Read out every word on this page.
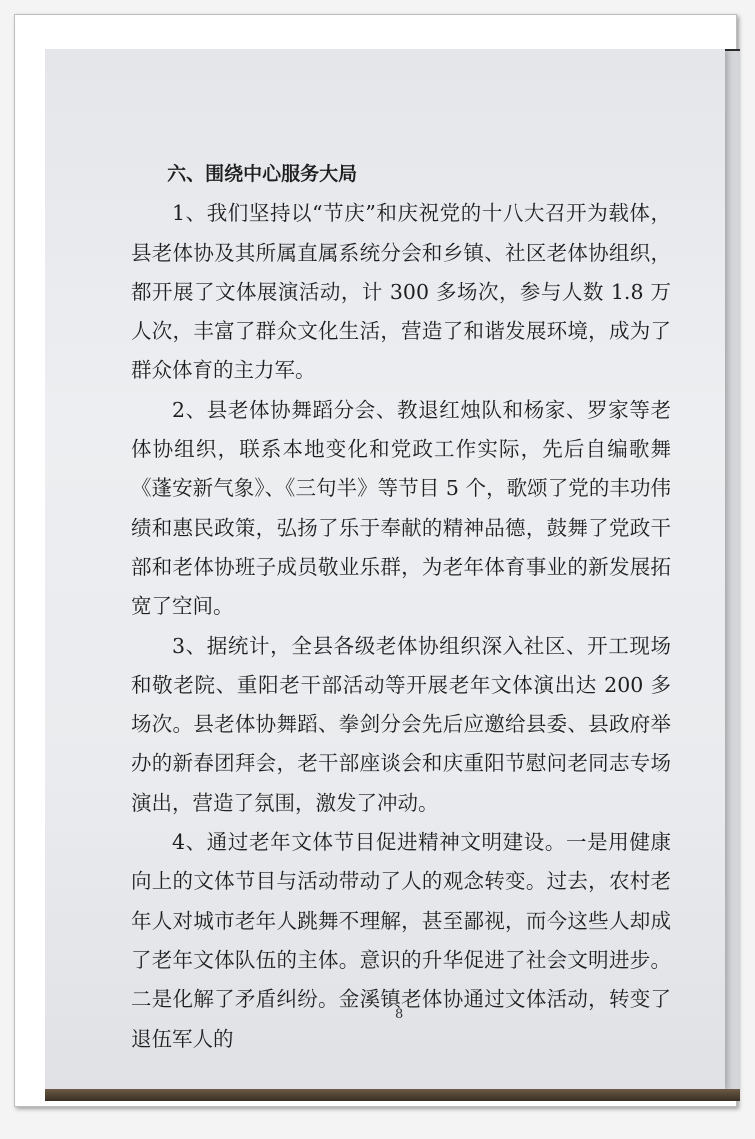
六、围绕中心服务大局

1、我们坚持以“节庆”和庆祝党的十八大召开为载体，县老体协及其所属直属系统分会和乡镇、社区老体协组织，都开展了文体展演活动，计 300 多场次，参与人数 1.8 万人次，丰富了群众文化生活，营造了和谐发展环境，成为了群众体育的主力军。

2、县老体协舞蹈分会、教退红烛队和杨家、罗家等老体协组织，联系本地变化和党政工作实际，先后自编歌舞《蓬安新气象》、《三句半》等节目 5 个，歌颂了党的丰功伟绩和惠民政策，弘扬了乐于奉献的精神品德，鼓舞了党政干部和老体协班子成员敬业乐群，为老年体育事业的新发展拓宽了空间。

3、据统计，全县各级老体协组织深入社区、开工现场和敬老院、重阳老干部活动等开展老年文体演出达 200 多场次。县老体协舞蹈、拳剑分会先后应邀给县委、县政府举办的新春团拜会，老干部座谈会和庆重阳节慰问老同志专场演出，营造了氛围，激发了冲动。

4、通过老年文体节目促进精神文明建设。一是用健康向上的文体节目与活动带动了人的观念转变。过去，农村老年人对城市老年人跳舞不理解，甚至鄙视，而今这些人却成了老年文体队伍的主体。意识的升华促进了社会文明进步。二是化解了矛盾纠纷。金溪镇老体协通过文体活动，转变了退伍军人的

8
